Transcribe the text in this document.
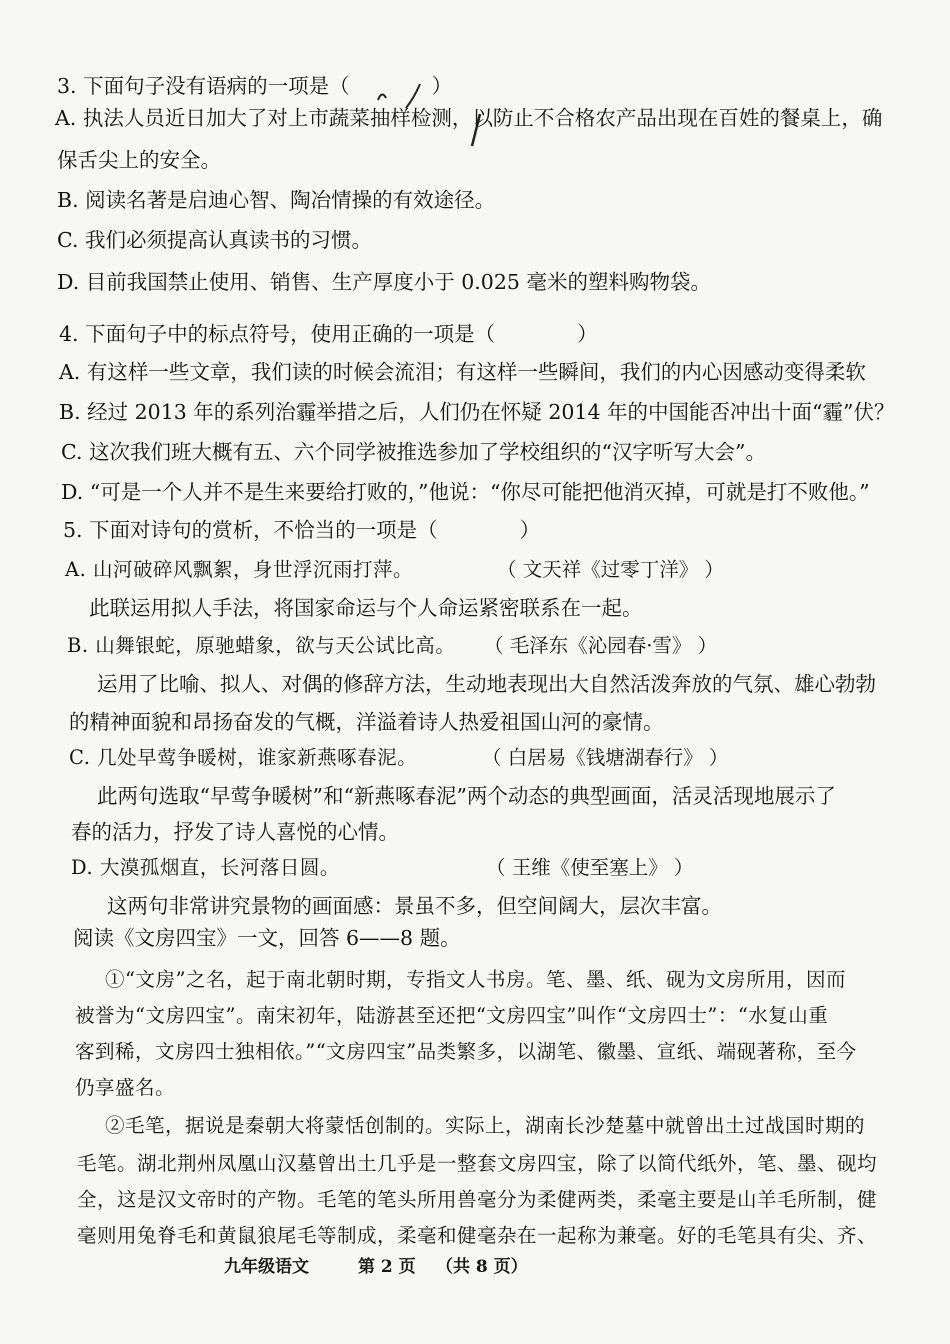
3. 下面句子没有语病的一项是（　　　　）
A. 执法人员近日加大了对上市蔬菜抽样检测，以防止不合格农产品出现在百姓的餐桌上，确
保舌尖上的安全。
B. 阅读名著是启迪心智、陶冶情操的有效途径。
C. 我们必须提高认真读书的习惯。
D. 目前我国禁止使用、销售、生产厚度小于 0.025 毫米的塑料购物袋。
4. 下面句子中的标点符号，使用正确的一项是（　　　　）
A. 有这样一些文章，我们读的时候会流泪；有这样一些瞬间，我们的内心因感动变得柔软
B. 经过 2013 年的系列治霾举措之后，人们仍在怀疑 2014 年的中国能否冲出十面“霾”伏？
C. 这次我们班大概有五、六个同学被推选参加了学校组织的“汉字听写大会”。
D. “可是一个人并不是生来要给打败的，”他说：“你尽可能把他消灭掉，可就是打不败他。”
5. 下面对诗句的赏析，不恰当的一项是（　　　　）
A. 山河破碎风飘絮，身世浮沉雨打萍。	（ 文天祥《过零丁洋》 ）
此联运用拟人手法，将国家命运与个人命运紧密联系在一起。
B. 山舞银蛇，原驰蜡象，欲与天公试比高。 （ 毛泽东《沁园春·雪》 ）
运用了比喻、拟人、对偶的修辞方法，生动地表现出大自然活泼奔放的气氛、雄心勃勃
的精神面貌和昂扬奋发的气概，洋溢着诗人热爱祖国山河的豪情。
C. 几处早莺争暖树，谁家新燕啄春泥。	（ 白居易《钱塘湖春行》 ）
此两句选取“早莺争暖树”和“新燕啄春泥”两个动态的典型画面，活灵活现地展示了
春的活力，抒发了诗人喜悦的心情。
D. 大漠孤烟直，长河落日圆。	（ 王维《使至塞上》 ）
这两句非常讲究景物的画面感：景虽不多，但空间阔大，层次丰富。
阅读《文房四宝》一文，回答 6——8 题。
①“文房”之名，起于南北朝时期，专指文人书房。笔、墨、纸、砚为文房所用，因而
被誉为“文房四宝”。南宋初年，陆游甚至还把“文房四宝”叫作“文房四士”：“水复山重
客到稀，文房四士独相依。”“文房四宝”品类繁多，以湖笔、徽墨、宣纸、端砚著称，至今
仍享盛名。
②毛笔，据说是秦朝大将蒙恬创制的。实际上，湖南长沙楚墓中就曾出土过战国时期的
毛笔。湖北荆州凤凰山汉墓曾出土几乎是一整套文房四宝，除了以简代纸外，笔、墨、砚均
全，这是汉文帝时的产物。毛笔的笔头所用兽毫分为柔健两类，柔毫主要是山羊毛所制，健
毫则用兔脊毛和黄鼠狼尾毛等制成，柔毫和健毫杂在一起称为兼毫。好的毛笔具有尖、齐、
九年级语文	第 2 页 （共 8 页）
